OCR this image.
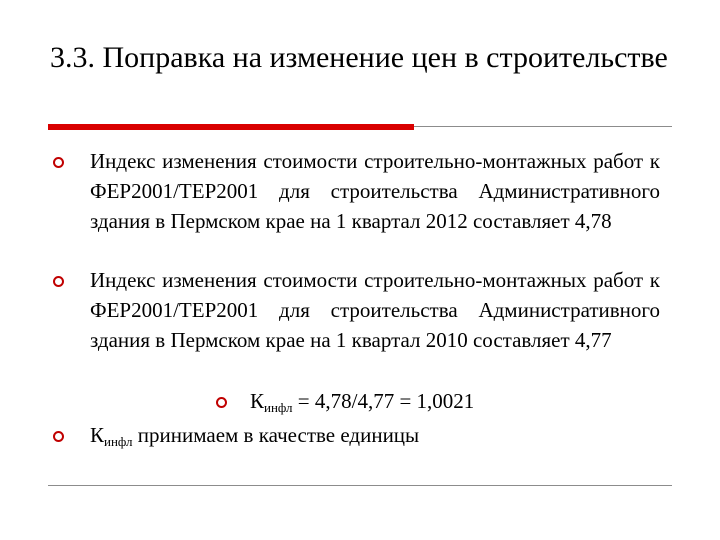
3.3. Поправка на изменение цен в строительстве

Индекс изменения стоимости строительно-монтажных работ к ФЕР2001/ТЕР2001 для строительства Административного здания в Пермском крае на 1 квартал 2012 составляет 4,78

Индекс изменения стоимости строительно-монтажных работ к ФЕР2001/ТЕР2001 для строительства Административного здания в Пермском крае на 1 квартал 2010 составляет 4,77

$К_{инфл} = 4,78/4,77 = 1,0021$
$К_{инфл}$ принимаем в качестве единицы
